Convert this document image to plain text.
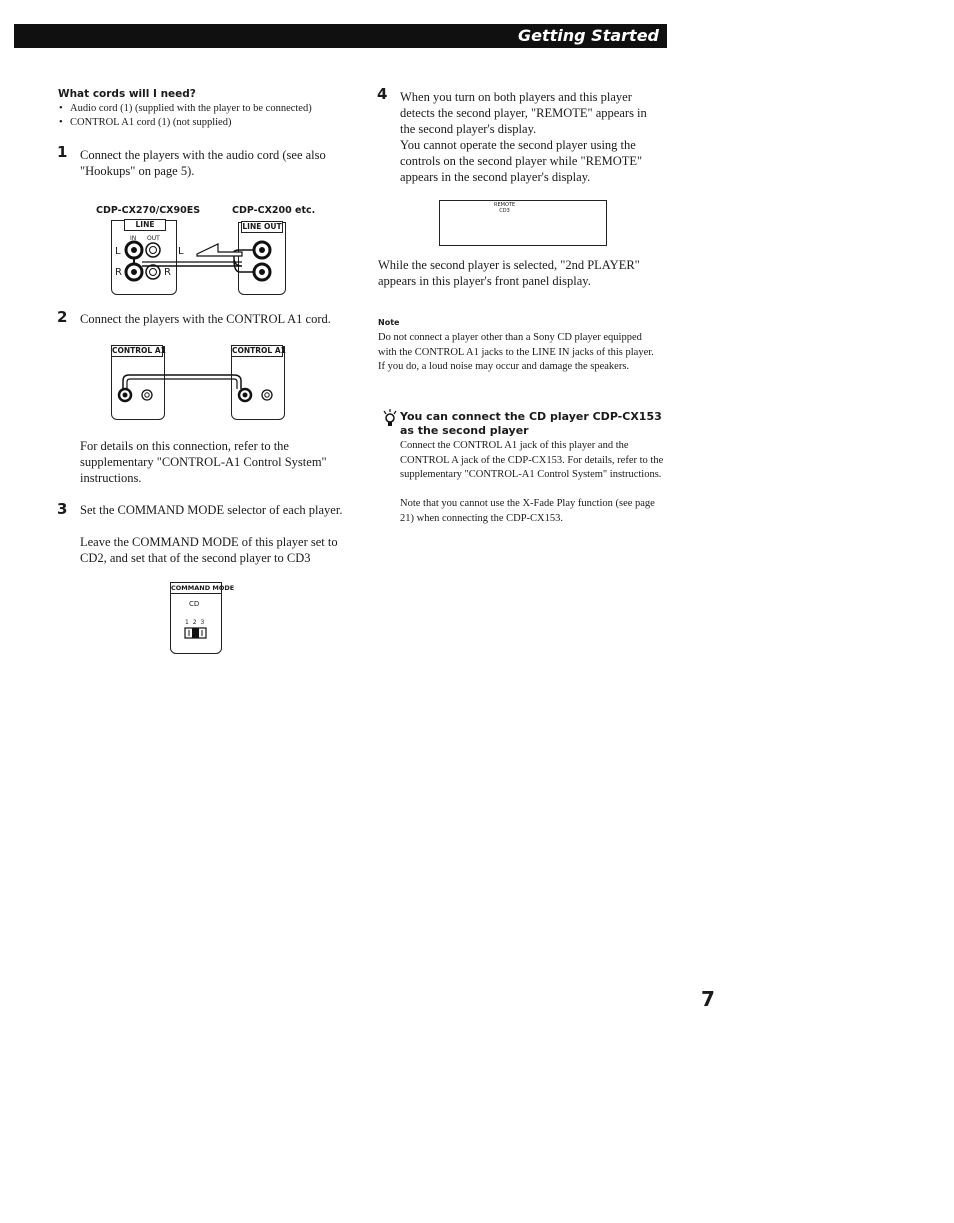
Getting Started
What cords will I need?
• Audio cord (1) (supplied with the player to be connected)
• CONTROL A1 cord (1) (not supplied)
1 Connect the players with the audio cord (see also "Hookups" on page 5).
CDP-CX270/CX90ES	CDP-CX200 etc.
LINE
IN OUT
L	L
R	R
LINE OUT
2 Connect the players with the CONTROL A1 cord.
CONTROL A1	CONTROL A1
For details on this connection, refer to the supplementary "CONTROL-A1 Control System" instructions.
3 Set the COMMAND MODE selector of each player.
Leave the COMMAND MODE of this player set to CD2, and set that of the second player to CD3
COMMAND MODE
CD
1 2 3
4 When you turn on both players and this player detects the second player, "REMOTE" appears in the second player's display.
You cannot operate the second player using the controls on the second player while "REMOTE" appears in the second player's display.
REMOTE
CD3
While the second player is selected, "2nd PLAYER" appears in this player's front panel display.
Note
Do not connect a player other than a Sony CD player equipped with the CONTROL A1 jacks to the LINE IN jacks of this player. If you do, a loud noise may occur and damage the speakers.
You can connect the CD player CDP-CX153 as the second player
Connect the CONTROL A1 jack of this player and the CONTROL A jack of the CDP-CX153. For details, refer to the supplementary "CONTROL-A1 Control System" instructions.
Note that you cannot use the X-Fade Play function (see page 21) when connecting the CDP-CX153.
7
